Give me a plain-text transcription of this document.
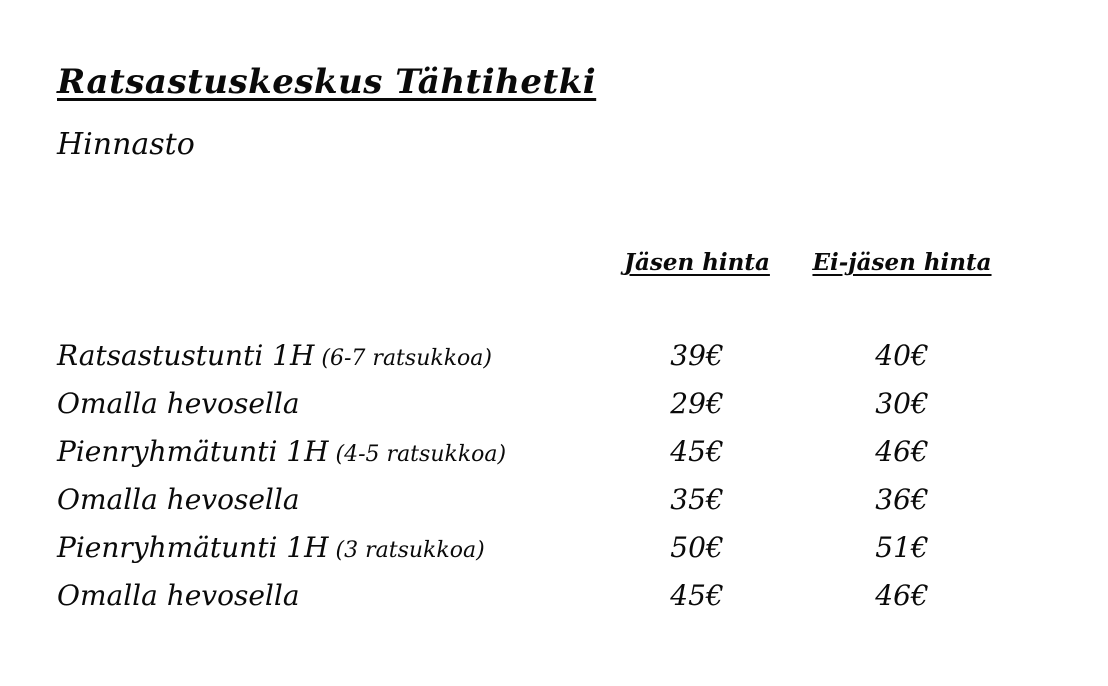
Ratsastuskeskus Tähtihetki
Hinnasto
Jäsen hinta	Ei-jäsen hinta
Ratsastustunti 1H (6-7 ratsukkoa)	39€	40€
Omalla hevosella	29€	30€
Pienryhmätunti 1H (4-5 ratsukkoa)	45€	46€
Omalla hevosella	35€	36€
Pienryhmätunti 1H (3 ratsukkoa)	50€	51€
Omalla hevosella	45€	46€
